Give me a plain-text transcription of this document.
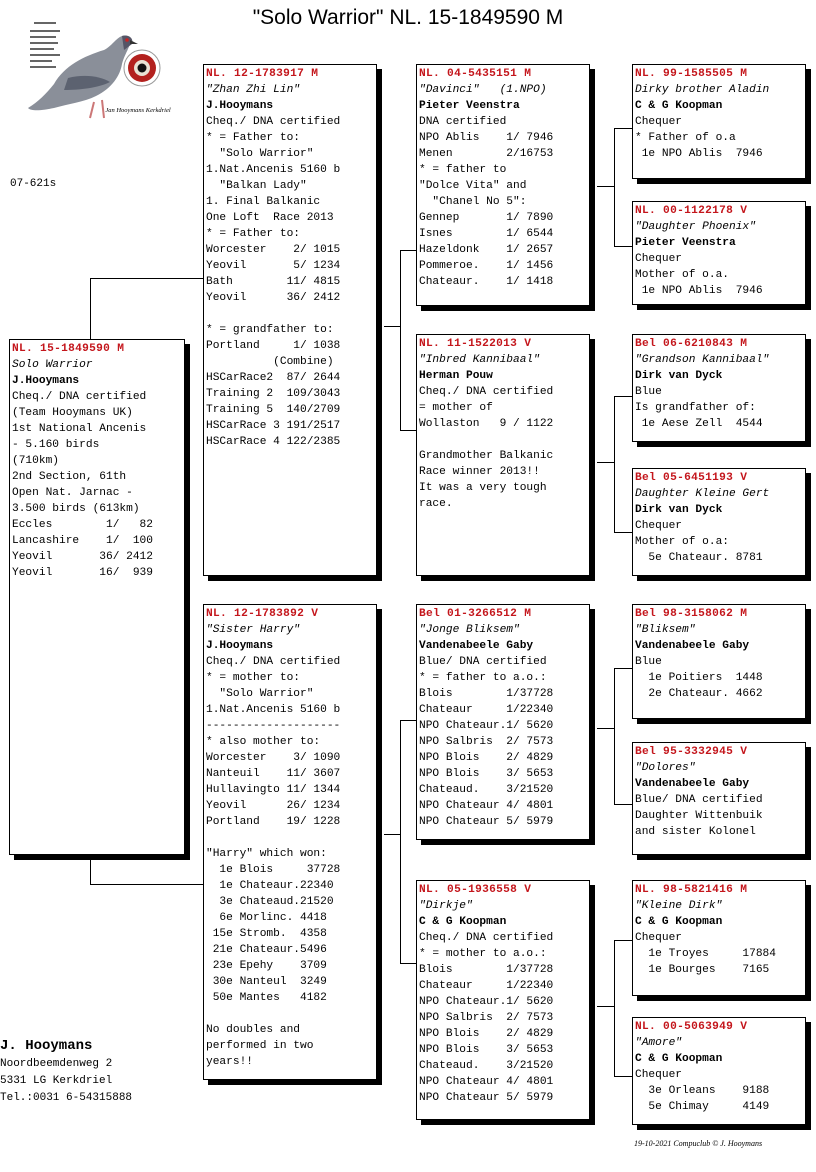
"Solo Warrior" NL. 15-1849590 M
Jan Hooymans Kerkdriel
07-621s
NL. 15-1849590 M
Solo Warrior
J.Hooymans
Cheq./ DNA certified
(Team Hooymans UK)
1st National Ancenis
- 5.160 birds
(710km)
2nd Section, 61th
Open Nat. Jarnac -
3.500 birds (613km)
Eccles        1/   82
Lancashire    1/  100
Yeovil       36/ 2412
Yeovil       16/  939
NL. 12-1783917 M
"Zhan Zhi Lin"
J.Hooymans
Cheq./ DNA certified
* = Father to:
"Solo Warrior"
1.Nat.Ancenis 5160 b
"Balkan Lady"
1. Final Balkanic
One Loft  Race 2013
* = Father to:
Worcester    2/ 1015
Yeovil       5/ 1234
Bath        11/ 4815
Yeovil      36/ 2412
* = grandfather to:
Portland     1/ 1038
(Combine)
HSCarRace2  87/ 2644
Training 2  109/3043
Training 5  140/2709
HSCarRace 3 191/2517
HSCarRace 4 122/2385
NL. 12-1783892 V
"Sister Harry"
J.Hooymans
Cheq./ DNA certified
* = mother to:
"Solo Warrior"
1.Nat.Ancenis 5160 b
--------------------
* also mother to:
Worcester    3/ 1090
Nanteuil    11/ 3607
Hullavingto 11/ 1344
Yeovil      26/ 1234
Portland    19/ 1228
"Harry" which won:
1e Blois     37728
1e Chateaur.22340
3e Chateaud.21520
6e Morlinc. 4418
15e Stromb.  4358
21e Chateaur.5496
23e Epehy    3709
30e Nanteul  3249
50e Mantes   4182
No doubles and
performed in two
years!!
NL. 04-5435151 M
"Davinci"   (1.NPO)
Pieter Veenstra
DNA certified
NPO Ablis    1/ 7946
Menen        2/16753
* = father to
"Dolce Vita" and
"Chanel No 5":
Gennep       1/ 7890
Isnes        1/ 6544
Hazeldonk    1/ 2657
Pommeroe.    1/ 1456
Chateaur.    1/ 1418
NL. 11-1522013 V
"Inbred Kannibaal"
Herman Pouw
Cheq./ DNA certified
= mother of
Wollaston   9 / 1122
Grandmother Balkanic
Race winner 2013!!
It was a very tough
race.
Bel 01-3266512 M
"Jonge Bliksem"
Vandenabeele Gaby
Blue/ DNA certified
* = father to a.o.:
Blois        1/37728
Chateaur     1/22340
NPO Chateaur.1/ 5620
NPO Salbris  2/ 7573
NPO Blois    2/ 4829
NPO Blois    3/ 5653
Chateaud.    3/21520
NPO Chateaur 4/ 4801
NPO Chateaur 5/ 5979
NL. 05-1936558 V
"Dirkje"
C & G Koopman
Cheq./ DNA certified
* = mother to a.o.:
Blois        1/37728
Chateaur     1/22340
NPO Chateaur.1/ 5620
NPO Salbris  2/ 7573
NPO Blois    2/ 4829
NPO Blois    3/ 5653
Chateaud.    3/21520
NPO Chateaur 4/ 4801
NPO Chateaur 5/ 5979
NL. 99-1585505 M
Dirky brother Aladin
C & G Koopman
Chequer
* Father of o.a
1e NPO Ablis  7946
NL. 00-1122178 V
"Daughter Phoenix"
Pieter Veenstra
Chequer
Mother of o.a.
1e NPO Ablis  7946
Bel 06-6210843 M
"Grandson Kannibaal"
Dirk van Dyck
Blue
Is grandfather of:
1e Aese Zell  4544
Bel 05-6451193 V
Daughter Kleine Gert
Dirk van Dyck
Chequer
Mother of o.a:
5e Chateaur. 8781
Bel 98-3158062 M
"Bliksem"
Vandenabeele Gaby
Blue
1e Poitiers  1448
2e Chateaur. 4662
Bel 95-3332945 V
"Dolores"
Vandenabeele Gaby
Blue/ DNA certified
Daughter Wittenbuik
and sister Kolonel
NL. 98-5821416 M
"Kleine Dirk"
C & G Koopman
Chequer
1e Troyes     17884
1e Bourges    7165
NL. 00-5063949 V
"Amore"
C & G Koopman
Chequer
3e Orleans    9188
5e Chimay     4149
J. Hooymans
Noordbeemdenweg 2
5331 LG Kerkdriel
Tel.:0031 6-54315888
19-10-2021 Compuclub © J. Hooymans
